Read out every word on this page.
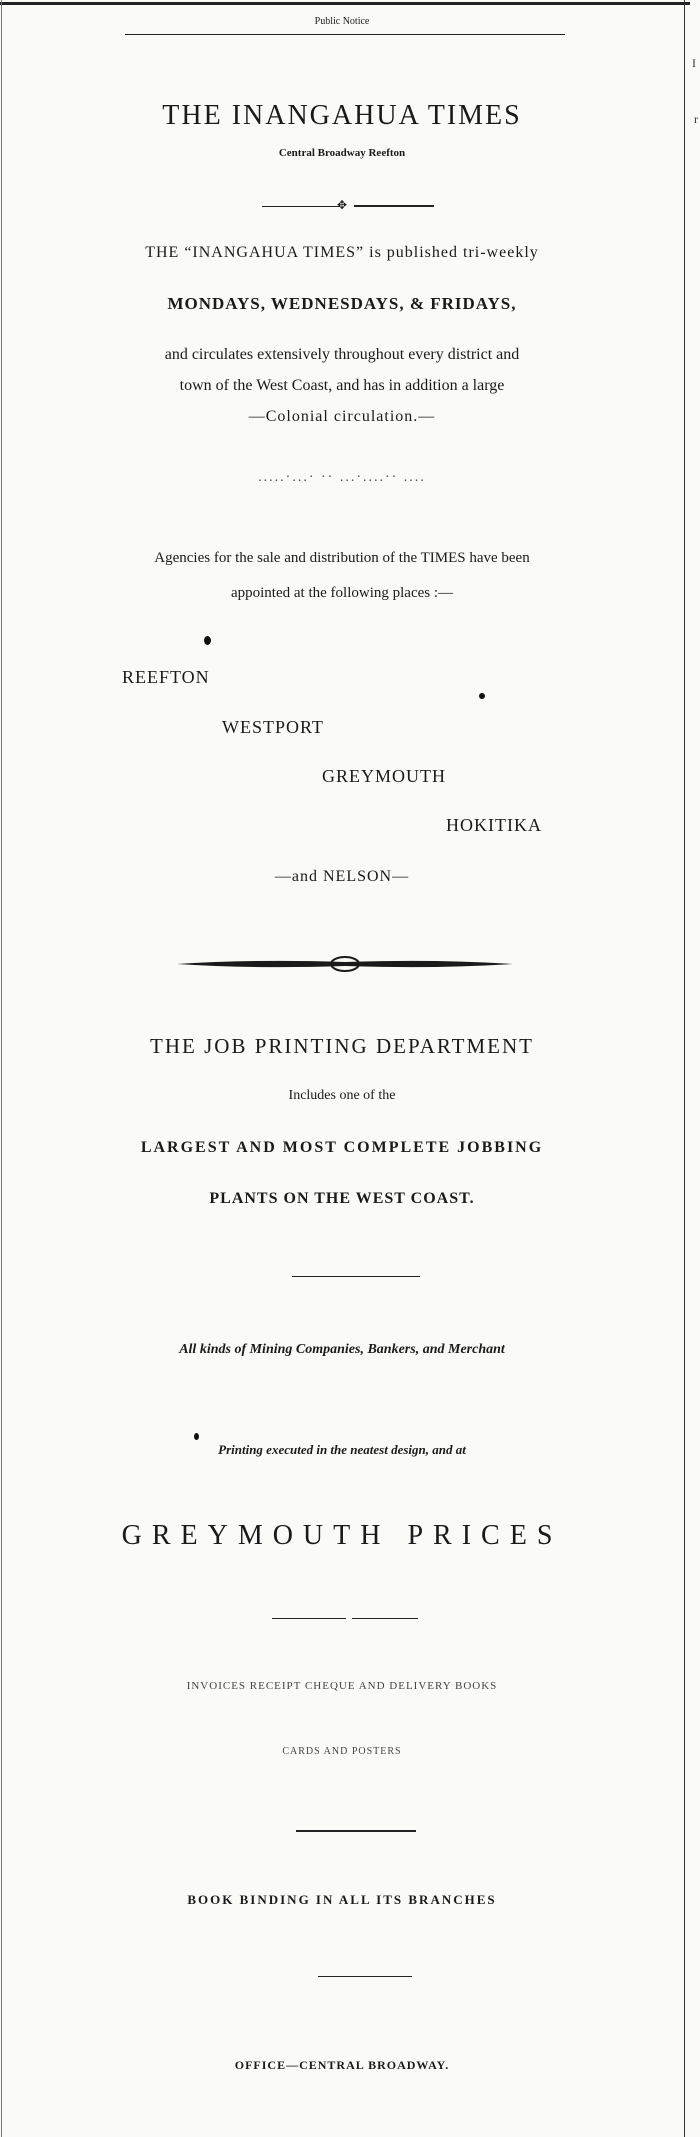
I
r
Public Notice
THE INANGAHUA TIMES
Central Broadway Reefton
✥
THE “INANGAHUA TIMES” is published tri-weekly
MONDAYS, WEDNESDAYS, & FRIDAYS,
and circulates extensively throughout every district and
town of the West Coast, and has in addition a large
—Colonial circulation.—
.....·...· ·· ...·....·· ....
Agencies for the sale and distribution of the TIMES have been
appointed at the following places :—
REEFTON
WESTPORT
GREYMOUTH
HOKITIKA
—and NELSON—
THE JOB PRINTING DEPARTMENT
Includes one of the
LARGEST AND MOST COMPLETE JOBBING
PLANTS ON THE WEST COAST.
All kinds of Mining Companies, Bankers, and Merchant
Printing executed in the neatest design, and at
GREYMOUTH PRICES
INVOICES RECEIPT CHEQUE AND DELIVERY BOOKS
CARDS AND POSTERS
BOOK BINDING IN ALL ITS BRANCHES
OFFICE—CENTRAL BROADWAY.
